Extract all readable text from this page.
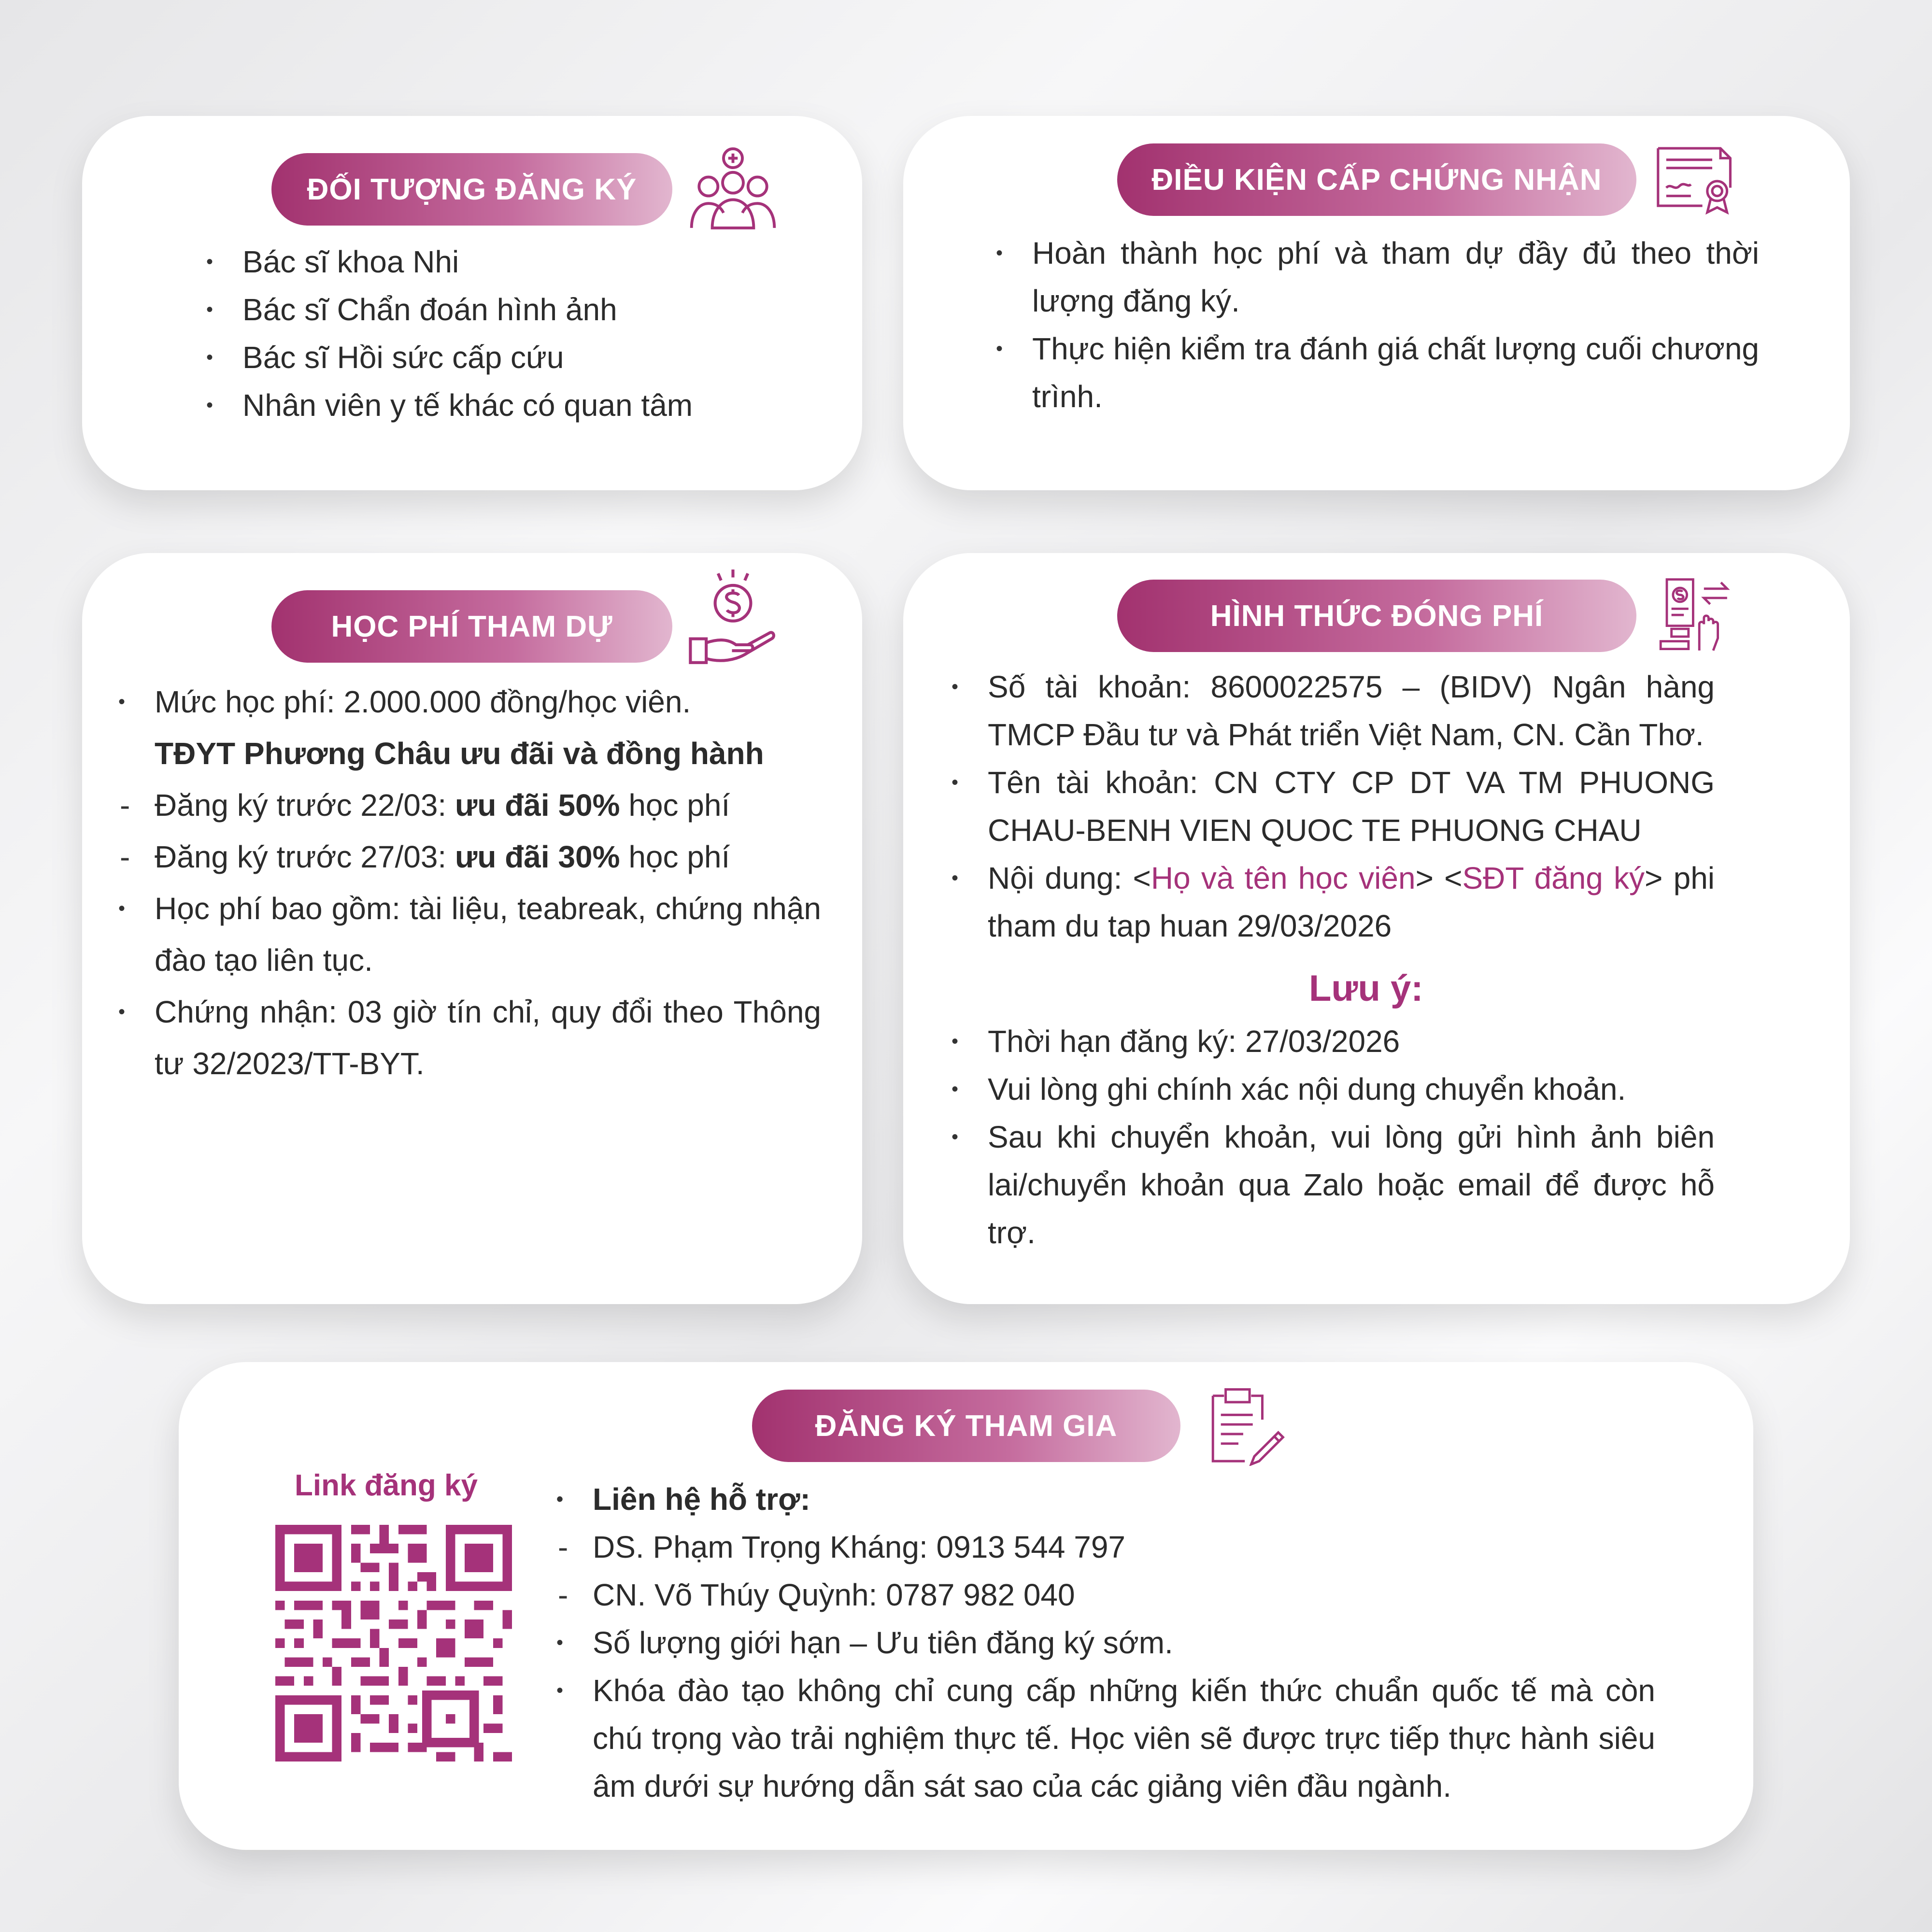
ĐỐI TƯỢNG ĐĂNG KÝ
• Bác sĩ khoa Nhi
• Bác sĩ Chẩn đoán hình ảnh
• Bác sĩ Hồi sức cấp cứu
• Nhân viên y tế khác có quan tâm
ĐIỀU KIỆN CẤP CHỨNG NHẬN
• Hoàn thành học phí và tham dự đầy đủ theo thời lượng đăng ký.
• Thực hiện kiểm tra đánh giá chất lượng cuối chương trình.
HỌC PHÍ THAM DỰ
• Mức học phí: 2.000.000 đồng/học viên.
TĐYT Phương Châu ưu đãi và đồng hành
- Đăng ký trước 22/03: ưu đãi 50% học phí
- Đăng ký trước 27/03: ưu đãi 30% học phí
• Học phí bao gồm: tài liệu, teabreak, chứng nhận đào tạo liên tục.
• Chứng nhận: 03 giờ tín chỉ, quy đổi theo Thông tư 32/2023/TT-BYT.
HÌNH THỨC ĐÓNG PHÍ
• Số tài khoản: 8600022575 – (BIDV) Ngân hàng TMCP Đầu tư và Phát triển Việt Nam, CN. Cần Thơ.
• Tên tài khoản: CN CTY CP DT VA TM PHUONG CHAU-BENH VIEN QUOC TE PHUONG CHAU
• Nội dung: <Họ và tên học viên> <SĐT đăng ký> phi tham du tap huan 29/03/2026
Lưu ý:
• Thời hạn đăng ký: 27/03/2026
• Vui lòng ghi chính xác nội dung chuyển khoản.
• Sau khi chuyển khoản, vui lòng gửi hình ảnh biên lai/chuyển khoản qua Zalo hoặc email để được hỗ trợ.
ĐĂNG KÝ THAM GIA
Link đăng ký
•	Liên hệ hỗ trợ:
- DS. Phạm Trọng Kháng: 0913 544 797
- CN. Võ Thúy Quỳnh: 0787 982 040
• Số lượng giới hạn – Ưu tiên đăng ký sớm.
• Khóa đào tạo không chỉ cung cấp những kiến thức chuẩn quốc tế mà còn chú trọng vào trải nghiệm thực tế. Học viên sẽ được trực tiếp thực hành siêu âm dưới sự hướng dẫn sát sao của các giảng viên đầu ngành.
